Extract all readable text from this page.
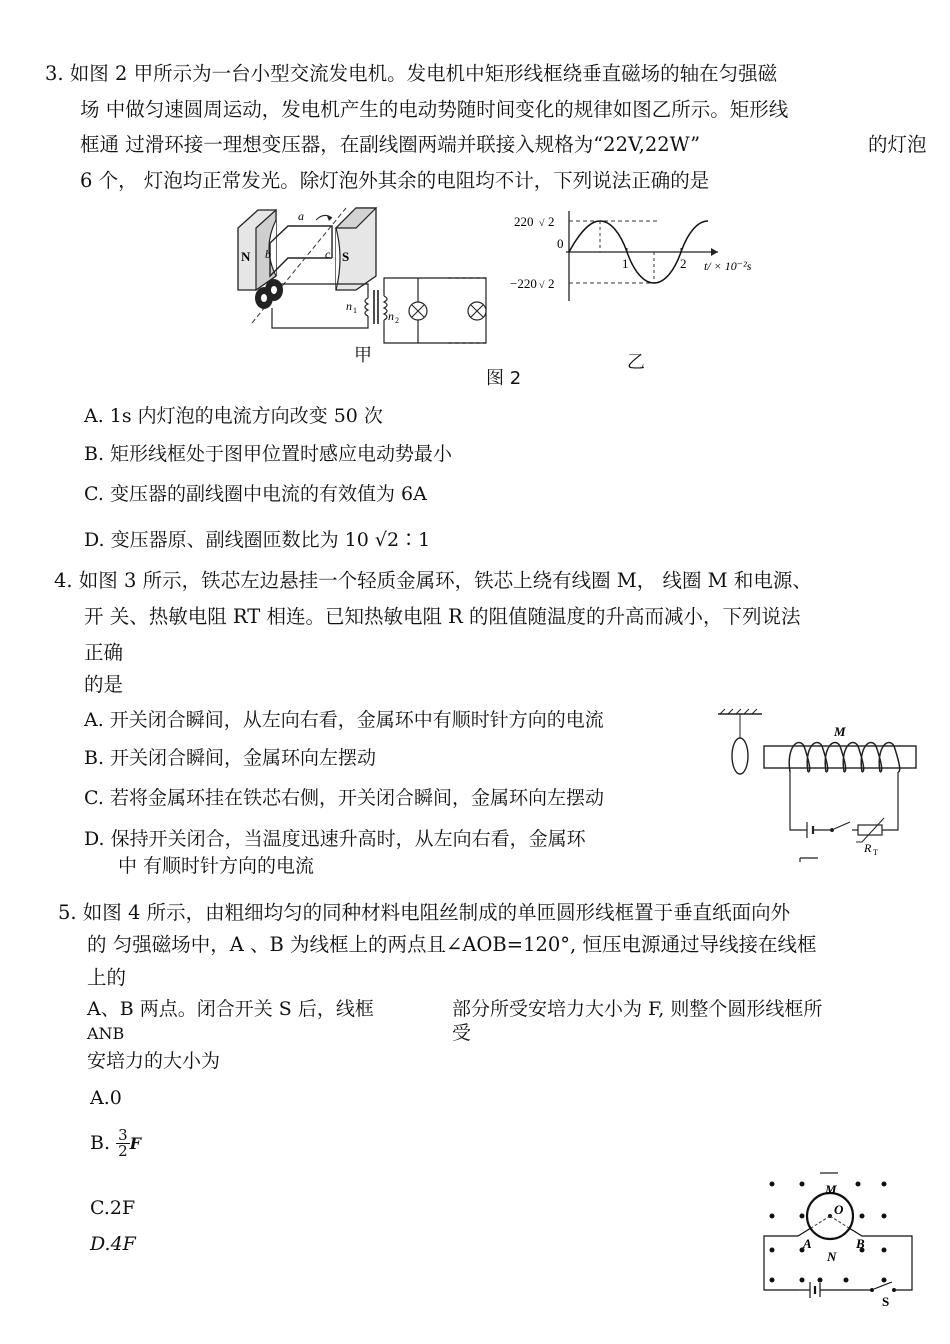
3. 如图 2 甲所示为一台小型交流发电机。发电机中矩形线框绕垂直磁场的轴在匀强磁
场 中做匀速圆周运动，发电机产生的电动势随时间变化的规律如图乙所示。矩形线
框通 过滑环接一理想变压器，在副线圈两端并联接入规格为“22V,22W”	的灯泡
6 个， 灯泡均正常发光。除灯泡外其余的电阻均不计，下列说法正确的是
N	S
a
b	c
n 1	n 2
220 √ 2
0
−220 √ 2
1	2 t/ × 10⁻²s
甲	乙
图 2
A. 1s 内灯泡的电流方向改变 50 次
B. 矩形线框处于图甲位置时感应电动势最小
C. 变压器的副线圈中电流的有效值为 6A
D. 变压器原、副线圈匝数比为 10 √2∶1
4. 如图 3 所示，铁芯左边悬挂一个轻质金属环，铁芯上绕有线圈 M， 线圈 M 和电源、
开 关、热敏电阻 RT 相连。已知热敏电阻 R 的阻值随温度的升高而减小，下列说法
正确
的是
A. 开关闭合瞬间，从左向右看，金属环中有顺时针方向的电流
B. 开关闭合瞬间，金属环向左摆动
C. 若将金属环挂在铁芯右侧，开关闭合瞬间，金属环向左摆动
D. 保持开关闭合，当温度迅速升高时，从左向右看，金属环
中 有顺时针方向的电流
M
R T
5. 如图 4 所示，由粗细均匀的同种材料电阻丝制成的单匝圆形线框置于垂直纸面向外
的 匀强磁场中，A 、B 为线框上的两点且∠AOB=120°, 恒压电源通过导线接在线框
上的
A、B 两点。闭合开关 S 后，线框
ANB
部分所受安培力大小为 F, 则整个圆形线框所
受
安培力的大小为
A.0
B. $\frac{3}{2}$ F
C.2F
D.4F
M
O
A
N
B
S
